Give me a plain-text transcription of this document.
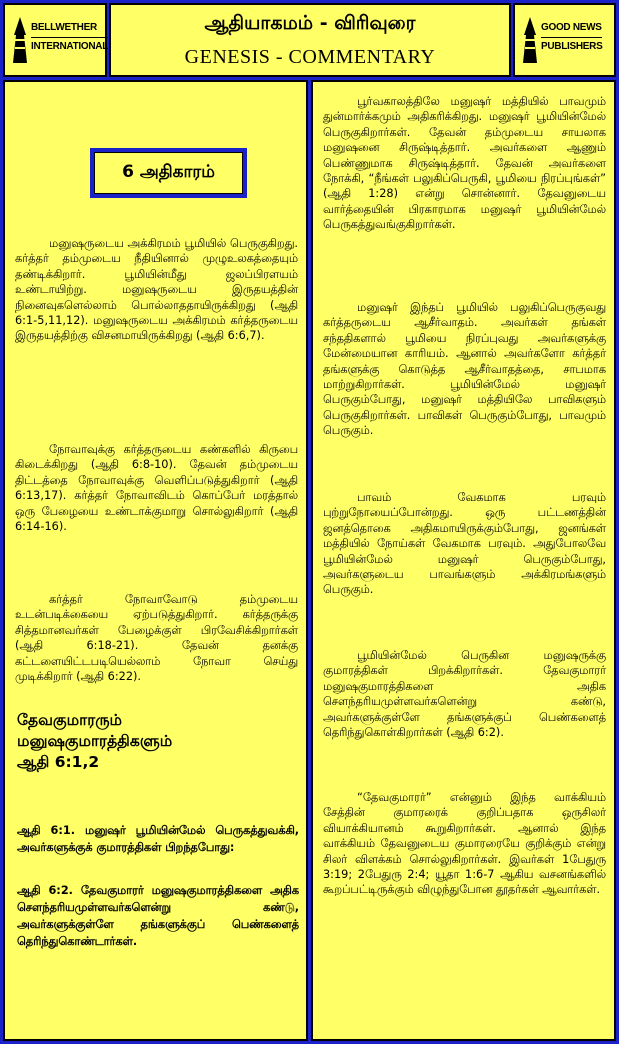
BELLWETHER
INTERNATIONAL
ஆதியாகமம் - விரிவுரை
GENESIS - COMMENTARY
GOOD NEWS
PUBLISHERS
6 அதிகாரம்

மனுஷருடைய அக்கிரமம் பூமியில் பெருகுகிறது. கர்த்தர் தம்முடைய நீதியினால் முழுஉலகத்தையும் தண்டிக்கிறார். பூமியின்மீது ஜலப்பிரளயம் உண்டாயிற்று. மனுஷருடைய இருதயத்தின் நினைவுகளெல்லாம் பொல்லாததாயிருக்கிறது (ஆதி 6:1-5,11,12). மனுஷருடைய அக்கிரமம் கர்த்தருடைய இருதயத்திற்கு விசனமாயிருக்கிறது (ஆதி 6:6,7).

நோவாவுக்கு கர்த்தருடைய கண்களில் கிருபை கிடைக்கிறது (ஆதி 6:8-10). தேவன் தம்முடைய திட்டத்தை நோவாவுக்கு வெளிப்படுத்துகிறார் (ஆதி 6:13,17). கர்த்தர் நோவாவிடம் கொப்பேர் மரத்தால் ஒரு பேழையை உண்டாக்குமாறு சொல்லுகிறார் (ஆதி 6:14-16).

கர்த்தர் நோவாவோடு தம்முடைய உடன்படிக்கையை ஏற்படுத்துகிறார். கர்த்தருக்கு சித்தமானவர்கள் பேழைக்குள் பிரவேசிக்கிறார்கள் (ஆதி 6:18-21). தேவன் தனக்கு கட்டளையிட்டபடியெல்லாம் நோவா செய்து முடிக்கிறார் (ஆதி 6:22).

தேவகுமாரரும்
மனுஷகுமாரத்திகளும்
ஆதி 6:1,2
ஆதி 6:1. மனுஷர் பூமியின்மேல் பெருகத்துவக்கி, அவர்களுக்குக் குமாரத்திகள் பிறந்தபோது:
ஆதி 6:2. தேவகுமாரர் மனுஷகுமாரத்திகளை அதிக சௌந்தரியமுள்ளவர்களென்று கண்டு, அவர்களுக்குள்ளே தங்களுக்குப் பெண்களைத் தெரிந்துகொண்டார்கள்.

பூர்வகாலத்திலே மனுஷர் மத்தியில் பாவமும் துன்மார்க்கமும் அதிகரிக்கிறது. மனுஷர் பூமியின்மேல் பெருகுகிறார்கள். தேவன் தம்முடைய சாயலாக மனுஷனை சிருஷ்டித்தார். அவர்களை ஆணும் பெண்ணுமாக சிருஷ்டித்தார். தேவன் அவர்களை நோக்கி, “நீங்கள் பலுகிப்பெருகி, பூமியை நிரப்புங்கள்” (ஆதி 1:28) என்று சொன்னார். தேவனுடைய வார்த்தையின் பிரகாரமாக மனுஷர் பூமியின்மேல் பெருகத்துவங்குகிறார்கள்.

மனுஷர் இந்தப் பூமியில் பலுகிப்பெருகுவது கர்த்தருடைய ஆசீர்வாதம். அவர்கள் தங்கள் சந்ததிகளால் பூமியை நிரப்புவது அவர்களுக்கு மேன்மையான காரியம். ஆனால் அவர்களோ கர்த்தர் தங்களுக்கு கொடுத்த ஆசீர்வாதத்தை, சாபமாக மாற்றுகிறார்கள். பூமியின்மேல் மனுஷர் பெருகும்போது, மனுஷர் மத்தியிலே பாவிகளும் பெருகுகிறார்கள். பாவிகள் பெருகும்போது, பாவமும் பெருகும்.

பாவம் வேகமாக பரவும் புற்றுநோயைப்போன்றது. ஒரு பட்டணத்தின் ஜனத்தொகை அதிகமாயிருக்கும்போது, ஜனங்கள் மத்தியில் நோய்கள் வேகமாக பரவும். அதுபோலவே பூமியின்மேல் மனுஷர் பெருகும்போது, அவர்களுடைய பாவங்களும் அக்கிரமங்களும் பெருகும்.

பூமியின்மேல் பெருகின மனுஷருக்கு குமாரத்திகள் பிறக்கிறார்கள். தேவகுமாரர் மனுஷகுமாரத்திகளை அதிக சௌந்தரியமுள்ளவர்களென்று கண்டு, அவர்களுக்குள்ளே தங்களுக்குப் பெண்களைத் தெரிந்துகொள்கிறார்கள் (ஆதி 6:2).

“தேவகுமாரர்” என்னும் இந்த வாக்கியம் சேத்தின் குமாரரைக் குறிப்பதாக ஒருசிலர் வியாக்கியானம் கூறுகிறார்கள். ஆனால் இந்த வாக்கியம் தேவனுடைய குமாரரையே குறிக்கும் என்று சிலர் விளக்கம் சொல்லுகிறார்கள். இவர்கள் 1பேதுரு 3:19; 2பேதுரு 2:4; யூதா 1:6-7 ஆகிய வசனங்களில் கூறப்பட்டிருக்கும் விழுந்துபோன தூதர்கள் ஆவார்கள்.
